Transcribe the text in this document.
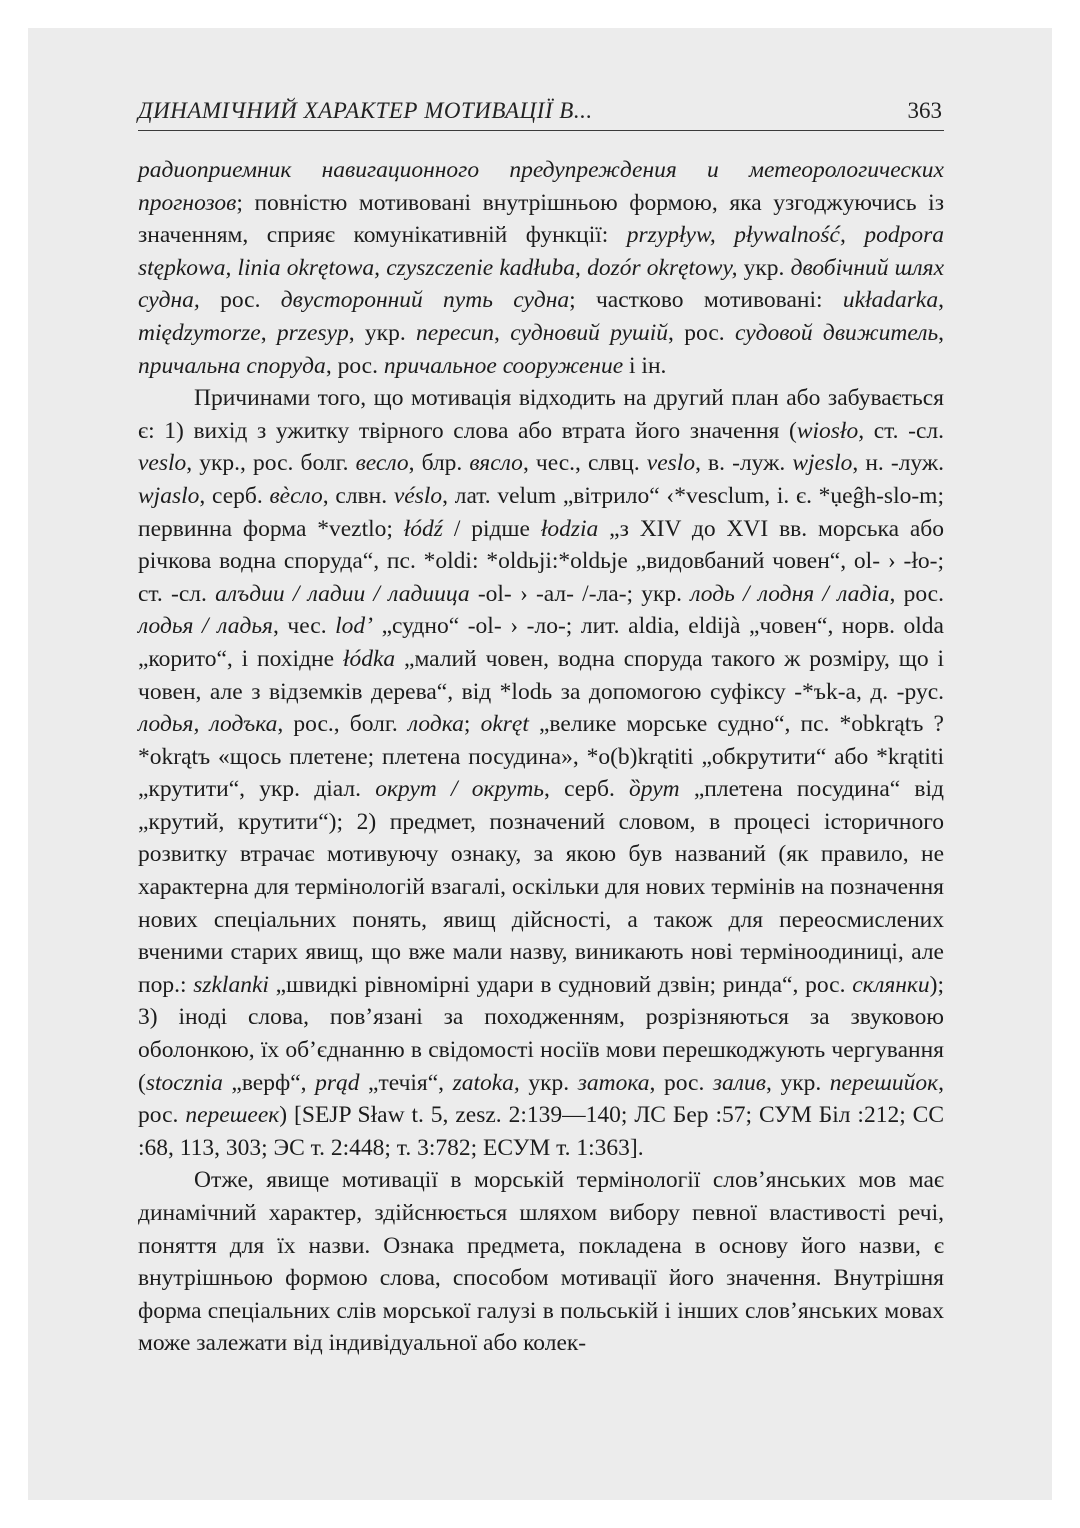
ДИНАМІЧНИЙ ХАРАКТЕР МОТИВАЦІЇ В...	363

радиоприемник навигационного предупреждения и метеорологических прогнозов; повністю мотивовані внутрішньою формою, яка узгоджуючись із значенням, сприяє комунікативній функції: przypływ, pływalność, podpora stępkowa, linia okrętowa, czyszczenie kadłuba, dozór okrętowy, укр. двобічний шлях судна, рос. двусторонний путь судна; частково мотивовані: układarka, międzymorze, przesyp, укр. пересип, судновий рушій, рос. судовой движитель, причальна споруда, рос. причальное сооружение і ін.

Причинами того, що мотивація відходить на другий план або забувається є: 1) вихід з ужитку твірного слова або втрата його значення (wiosło, ст. -сл. veslo, укр., рос. болг. весло, блр. вясло, чес., слвц. veslo, в. -луж. wjeslo, н. -луж. wjaslo, серб. вѐсло, слвн. véslo, лат. velum „вітрило“ ‹*vesclum, і. є. *ụeĝh-slo-m; первинна форма *veztlo; łódź / рідше łodzia „з XIV до XVI вв. морська або річкова водна споруда“, пс. *oldi: *oldьji:*oldьje „видовбаний човен“, ol- › -ło-; ст. -сл. алъдии / ладии / ладиица -ol- › -ал- /-ла-; укр. лодь / лодня / ладіа, рос. лодья / ладья, чес. lod’ „судно“ -ol- › -ло-; лит. aldia, eldijà „човен“, норв. olda „корито“, і похідне łódka „малий човен, водна споруда такого ж розміру, що і човен, але з відземків дерева“, від *lodь за допомогою суфіксу -*ъk-a, д. -рус. лодья, лодъка, рос., болг. лодка; okręt „велике морське судно“, пс. *obkrątъ ? *okrątъ «щось плетене; плетена посудина», *o(b)krątiti „обкрутити“ або *krątiti „крутити“, укр. діал. окрут / окруть, серб. ȍрут „плетена посудина“ від „крутий, крутити“); 2) предмет, позначений словом, в процесі історичного розвитку втрачає мотивуючу ознаку, за якою був названий (як правило, не характерна для термінологій взагалі, оскільки для нових термінів на позначення нових спеціальних понять, явищ дійсності, а також для переосмислених вченими старих явищ, що вже мали назву, виникають нові терміноодиниці, але пор.: szklanki „швидкі рівномірні удари в судновий дзвін; ринда“, рос. склянки); 3) іноді слова, пов’язані за походженням, розрізняються за звуковою оболонкою, їх об’єднанню в свідомості носіїв мови перешкоджують чергування (stocznia „верф“, prąd „течія“, zatoka, укр. затока, рос. залив, укр. перешийок, рос. перешеек) [SEJP Sław t. 5, zesz. 2:139—140; ЛС Бер :57; СУМ Біл :212; СС :68, 113, 303; ЭС т. 2:448; т. 3:782; ЕСУМ т. 1:363].

Отже, явище мотивації в морській термінології слов’янських мов має динамічний характер, здійснюється шляхом вибору певної властивості речі, поняття для їх назви. Ознака предмета, покладена в основу його назви, є внутрішньою формою слова, способом мотивації його значення. Внутрішня форма спеціальних слів морської галузі в польській і інших слов’янських мовах може залежати від індивідуальної або колек-
